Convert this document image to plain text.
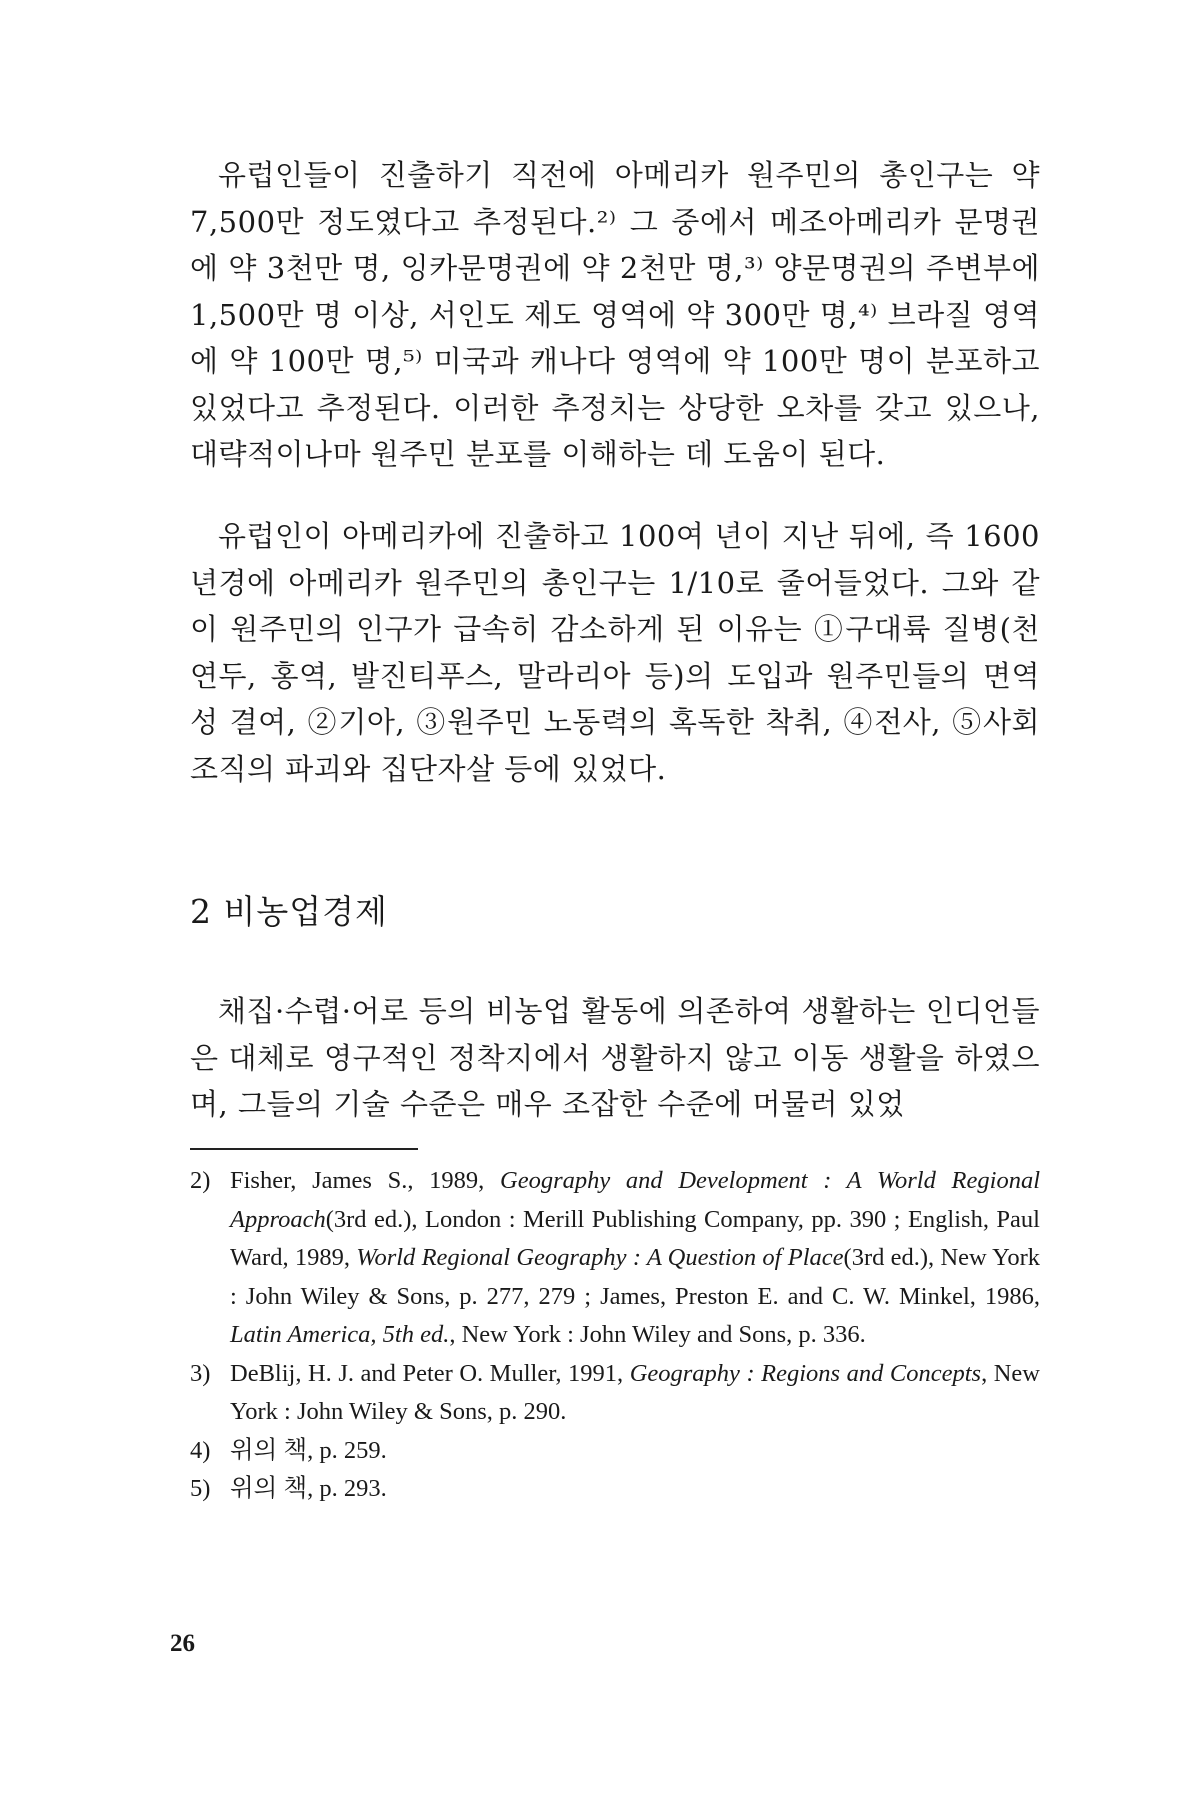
유럽인들이 진출하기 직전에 아메리카 원주민의 총인구는 약 7,500만 정도였다고 추정된다.²⁾ 그 중에서 메조아메리카 문명권에 약 3천만 명, 잉카문명권에 약 2천만 명,³⁾ 양문명권의 주변부에 1,500만 명 이상, 서인도 제도 영역에 약 300만 명,⁴⁾ 브라질 영역에 약 100만 명,⁵⁾ 미국과 캐나다 영역에 약 100만 명이 분포하고 있었다고 추정된다. 이러한 추정치는 상당한 오차를 갖고 있으나, 대략적이나마 원주민 분포를 이해하는 데 도움이 된다.

유럽인이 아메리카에 진출하고 100여 년이 지난 뒤에, 즉 1600년경에 아메리카 원주민의 총인구는 1/10로 줄어들었다. 그와 같이 원주민의 인구가 급속히 감소하게 된 이유는 ①구대륙 질병(천연두, 홍역, 발진티푸스, 말라리아 등)의 도입과 원주민들의 면역성 결여, ②기아, ③원주민 노동력의 혹독한 착취, ④전사, ⑤사회조직의 파괴와 집단자살 등에 있었다.

2 비농업경제

채집·수렵·어로 등의 비농업 활동에 의존하여 생활하는 인디언들은 대체로 영구적인 정착지에서 생활하지 않고 이동 생활을 하였으며, 그들의 기술 수준은 매우 조잡한 수준에 머물러 있었

2) Fisher, James S., 1989, Geography and Development : A World Regional Approach(3rd ed.), London : Merill Publishing Company, pp. 390 ; English, Paul Ward, 1989, World Regional Geography : A Question of Place(3rd ed.), New York : John Wiley & Sons, p. 277, 279 ; James, Preston E. and C. W. Minkel, 1986, Latin America, 5th ed., New York : John Wiley and Sons, p. 336.
3) DeBlij, H. J. and Peter O. Muller, 1991, Geography : Regions and Concepts, New York : John Wiley & Sons, p. 290.
4) 위의 책, p. 259.
5) 위의 책, p. 293.

26
